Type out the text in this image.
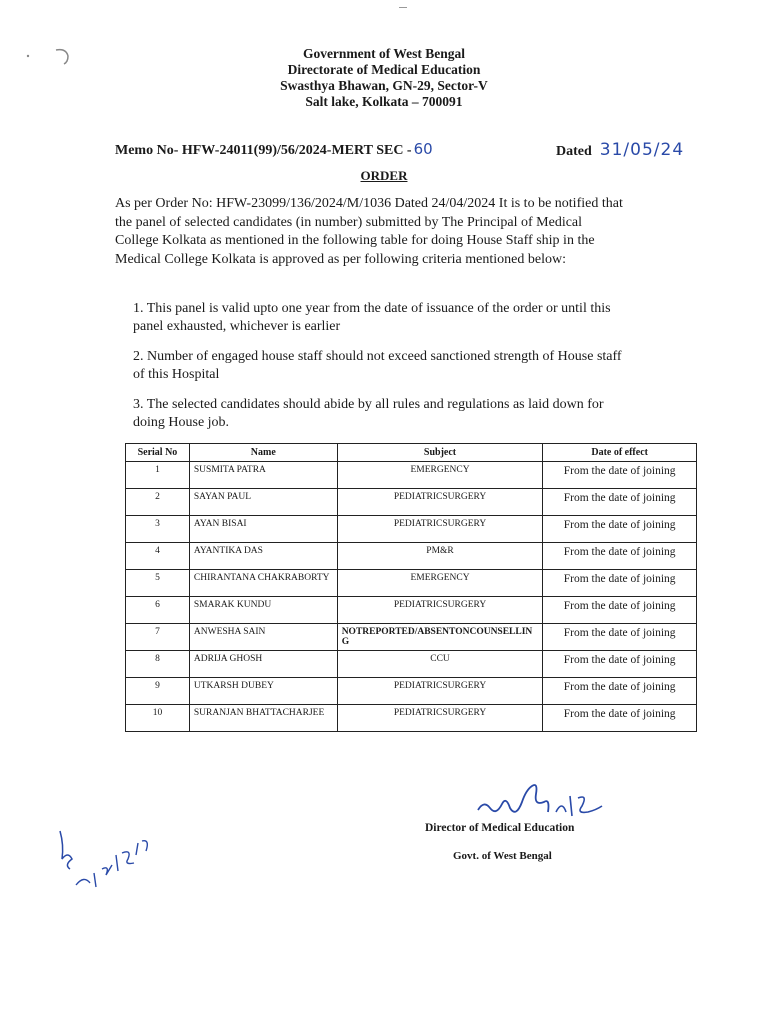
Government of West Bengal
Directorate of Medical Education
Swasthya Bhawan, GN-29, Sector-V
Salt lake, Kolkata – 700091
Memo No- HFW-24011(99)/56/2024-MERT SEC - 60	Dated 31/05/24
ORDER
As per Order No: HFW-23099/136/2024/M/1036 Dated 24/04/2024 It is to be notified that the panel of selected candidates (in number) submitted by The Principal of Medical College Kolkata as mentioned in the following table for doing House Staff ship in the Medical College Kolkata is approved as per following criteria mentioned below:
1. This panel is valid upto one year from the date of issuance of the order or until this panel exhausted, whichever is earlier
2. Number of engaged house staff should not exceed sanctioned strength of House staff of this Hospital
3. The selected candidates should abide by all rules and regulations as laid down for doing House job.
Serial No	Name	Subject	Date of effect
1	SUSMITA PATRA	EMERGENCY	From the date of joining
2	SAYAN PAUL	PEDIATRICSURGERY	From the date of joining
3	AYAN BISAI	PEDIATRICSURGERY	From the date of joining
4	AYANTIKA DAS	PM&R	From the date of joining
5	CHIRANTANA CHAKRABORTY	EMERGENCY	From the date of joining
6	SMARAK KUNDU	PEDIATRICSURGERY	From the date of joining
7	ANWESHA SAIN	NOTREPORTED/ABSENTONCOUNSELLING	From the date of joining
8	ADRIJA GHOSH	CCU	From the date of joining
9	UTKARSH DUBEY	PEDIATRICSURGERY	From the date of joining
10	SURANJAN BHATTACHARJEE	PEDIATRICSURGERY	From the date of joining
Director of Medical Education
Govt. of West Bengal
